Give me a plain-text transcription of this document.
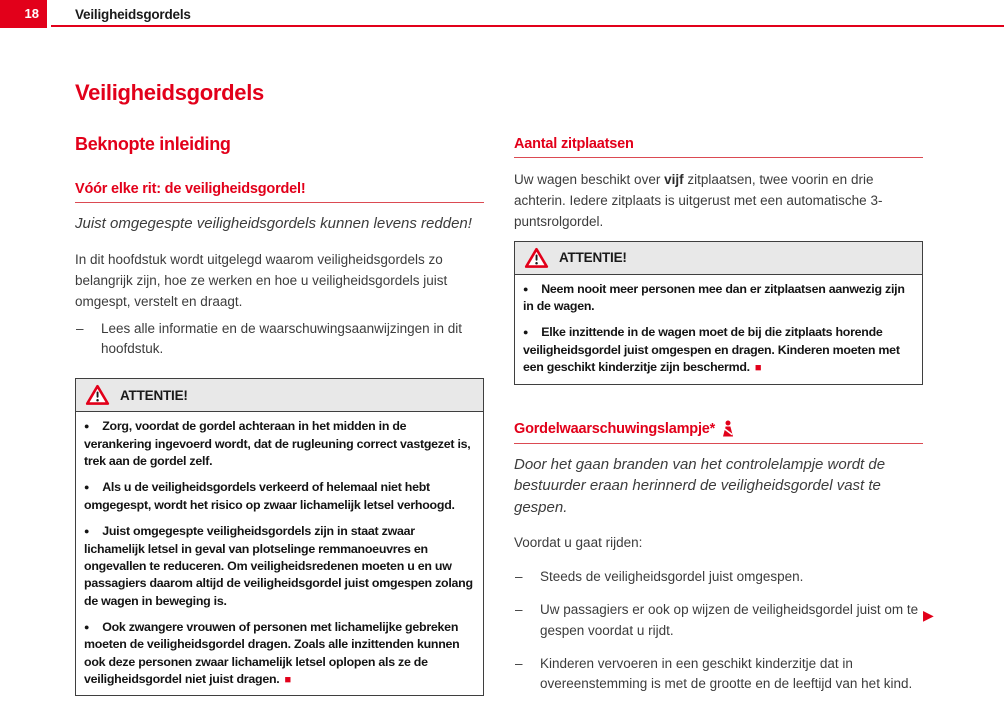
18	Veiligheidsgordels
Veiligheidsgordels
Beknopte inleiding
Vóór elke rit: de veiligheidsgordel!

Juist omgegespte veiligheidsgordels kunnen levens redden!

In dit hoofdstuk wordt uitgelegd waarom veiligheidsgordels zo belangrijk zijn, hoe ze werken en hoe u veiligheidsgordels juist omgespt, verstelt en draagt.

– Lees alle informatie en de waarschuwingsaanwijzingen in dit hoofdstuk.
ATTENTIE!

● Zorg, voordat de gordel achteraan in het midden in de verankering ingevoerd wordt, dat de rugleuning correct vastgezet is, trek aan de gordel zelf.

● Als u de veiligheidsgordels verkeerd of helemaal niet hebt omgegespt, wordt het risico op zwaar lichamelijk letsel verhoogd.

● Juist omgegespte veiligheidsgordels zijn in staat zwaar lichamelijk letsel in geval van plotselinge remmanoeuvres en ongevallen te reduceren. Om veiligheidsredenen moeten u en uw passagiers daarom altijd de veiligheidsgordel juist omgespen zolang de wagen in beweging is.

● Ook zwangere vrouwen of personen met lichamelijke gebreken moeten de veiligheidsgordel dragen. Zoals alle inzittenden kunnen ook deze personen zwaar lichamelijk letsel oplopen als ze de veiligheidsgordel niet juist dragen. ■

Aantal zitplaatsen

Uw wagen beschikt over vijf zitplaatsen, twee voorin en drie achterin. Iedere zitplaats is uitgerust met een automatische 3-puntsrolgordel.

ATTENTIE!

● Neem nooit meer personen mee dan er zitplaatsen aanwezig zijn in de wagen.

● Elke inzittende in de wagen moet de bij die zitplaats horende veiligheidsgordel juist omgespen en dragen. Kinderen moeten met een geschikt kinderzitje zijn beschermd. ■

Gordelwaarschuwingslampje*

Door het gaan branden van het controlelampje wordt de bestuurder eraan herinnerd de veiligheidsgordel vast te gespen.

Voordat u gaat rijden:

– Steeds de veiligheidsgordel juist omgespen.
– Uw passagiers er ook op wijzen de veiligheidsgordel juist om te gespen voordat u rijdt.
– Kinderen vervoeren in een geschikt kinderzitje dat in overeenstemming is met de grootte en de leeftijd van het kind.
▶
